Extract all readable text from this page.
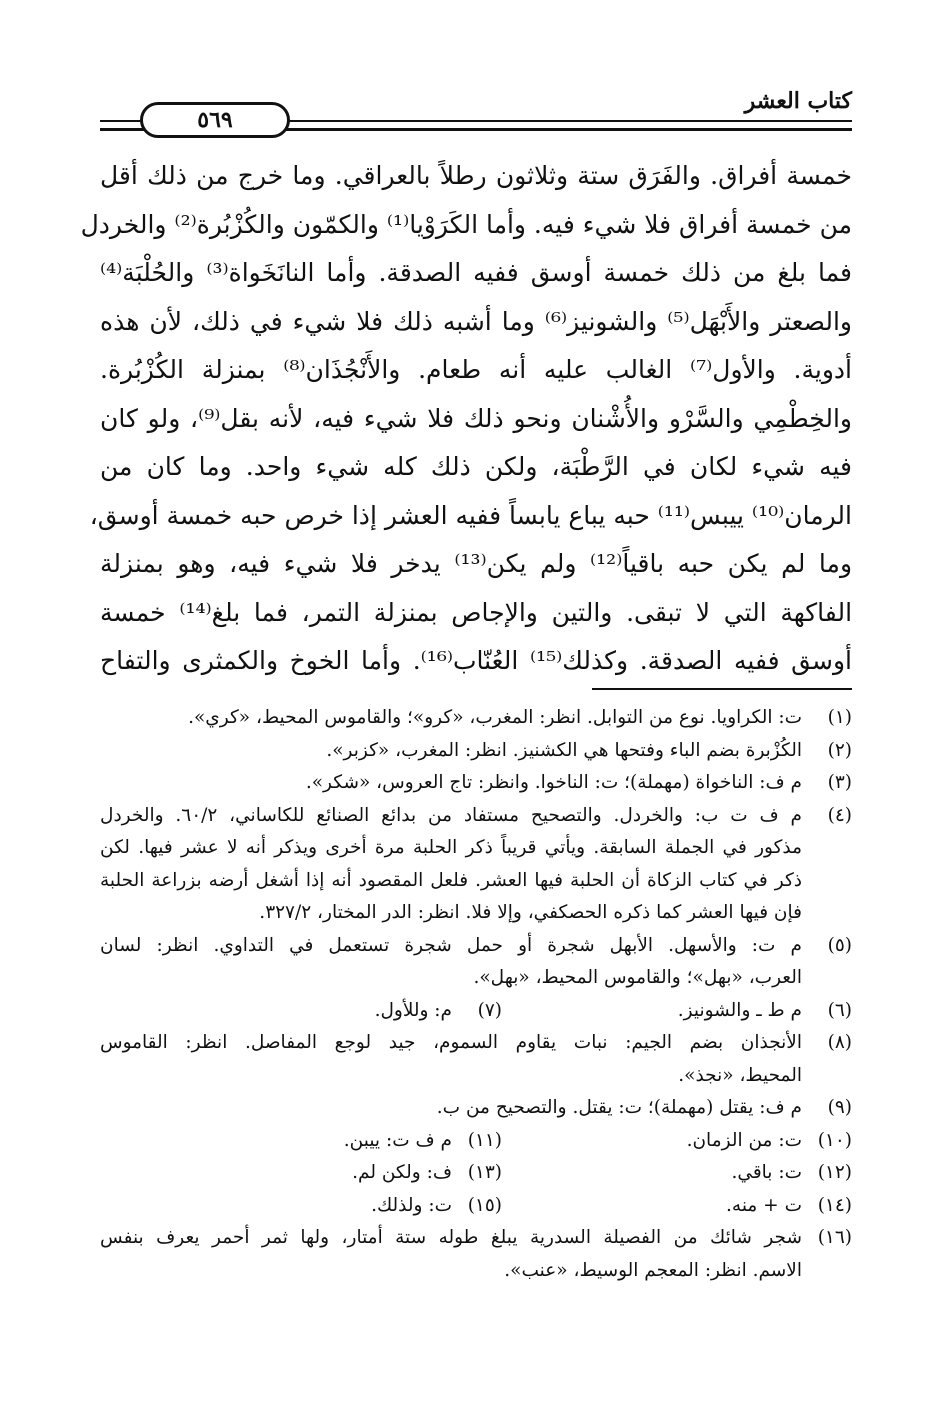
كتاب العشر
٥٦٩
خمسة أفراق. والفَرَق ستة وثلاثون رطلاً بالعراقي. وما خرج من ذلك أقل
من خمسة أفراق فلا شيء فيه. وأما الكَرَوْيا⁽¹⁾ والكمّون والكُزْبُرة⁽²⁾ والخردل
فما بلغ من ذلك خمسة أوسق ففيه الصدقة. وأما النانَخَواة⁽³⁾ والحُلْبَة⁽⁴⁾
والصعتر والأَبْهَل⁽⁵⁾ والشونيز⁽⁶⁾ وما أشبه ذلك فلا شيء في ذلك، لأن هذه
أدوية. والأول⁽⁷⁾ الغالب عليه أنه طعام. والأَنْجُذَان⁽⁸⁾ بمنزلة الكُزْبُرة.
والخِطْمِي والسَّرْو والأُشْنان ونحو ذلك فلا شيء فيه، لأنه بقل⁽⁹⁾، ولو كان
فيه شيء لكان في الرَّطْبَة، ولكن ذلك كله شيء واحد. وما كان من
الرمان⁽¹⁰⁾ ييبس⁽¹¹⁾ حبه يباع يابساً ففيه العشر إذا خرص حبه خمسة أوسق،
وما لم يكن حبه باقياً⁽¹²⁾ ولم يكن⁽¹³⁾ يدخر فلا شيء فيه، وهو بمنزلة
الفاكهة التي لا تبقى. والتين والإجاص بمنزلة التمر، فما بلغ⁽¹⁴⁾ خمسة
أوسق ففيه الصدقة. وكذلك⁽¹⁵⁾ العُنّاب⁽¹⁶⁾. وأما الخوخ والكمثرى والتفاح
(١)
ت: الكراويا. نوع من التوابل. انظر: المغرب، «كرو»؛ والقاموس المحيط، «كري».
(٢)
الكُزْبرة بضم الباء وفتحها هي الكشنيز. انظر: المغرب، «كزبر».
(٣)
م ف: الناخواة (مهملة)؛ ت: الناخوا. وانظر: تاج العروس، «شكر».
(٤)
م ف ت ب: والخردل. والتصحيح مستفاد من بدائع الصنائع للكاساني، ٦٠/٢. والخردل
مذكور في الجملة السابقة. ويأتي قريباً ذكر الحلبة مرة أخرى ويذكر أنه لا عشر فيها. لكن
ذكر في كتاب الزكاة أن الحلبة فيها العشر. فلعل المقصود أنه إذا أشغل أرضه بزراعة الحلبة
فإن فيها العشر كما ذكره الحصكفي، وإلا فلا. انظر: الدر المختار، ٣٢٧/٢.
(٥)
م ت: والأسهل. الأبهل شجرة أو حمل شجرة تستعمل في التداوي. انظر: لسان
العرب، «بهل»؛ والقاموس المحيط، «بهل».
(٦)
م ط ـ والشونيز.
(٧)
م: وللأول.
(٨)
الأنجذان بضم الجيم: نبات يقاوم السموم، جيد لوجع المفاصل. انظر: القاموس
المحيط، «نجذ».
(٩)
م ف: يقتل (مهملة)؛ ت: يقتل. والتصحيح من ب.
(١٠)
ت: من الزمان.
(١١)
م ف ت: ييبن.
(١٢)
ت: باقي.
(١٣)
ف: ولكن لم.
(١٤)
ت + منه.
(١٥)
ت: ولذلك.
(١٦)
شجر شائك من الفصيلة السدرية يبلغ طوله ستة أمتار، ولها ثمر أحمر يعرف بنفس
الاسم. انظر: المعجم الوسيط، «عنب».
